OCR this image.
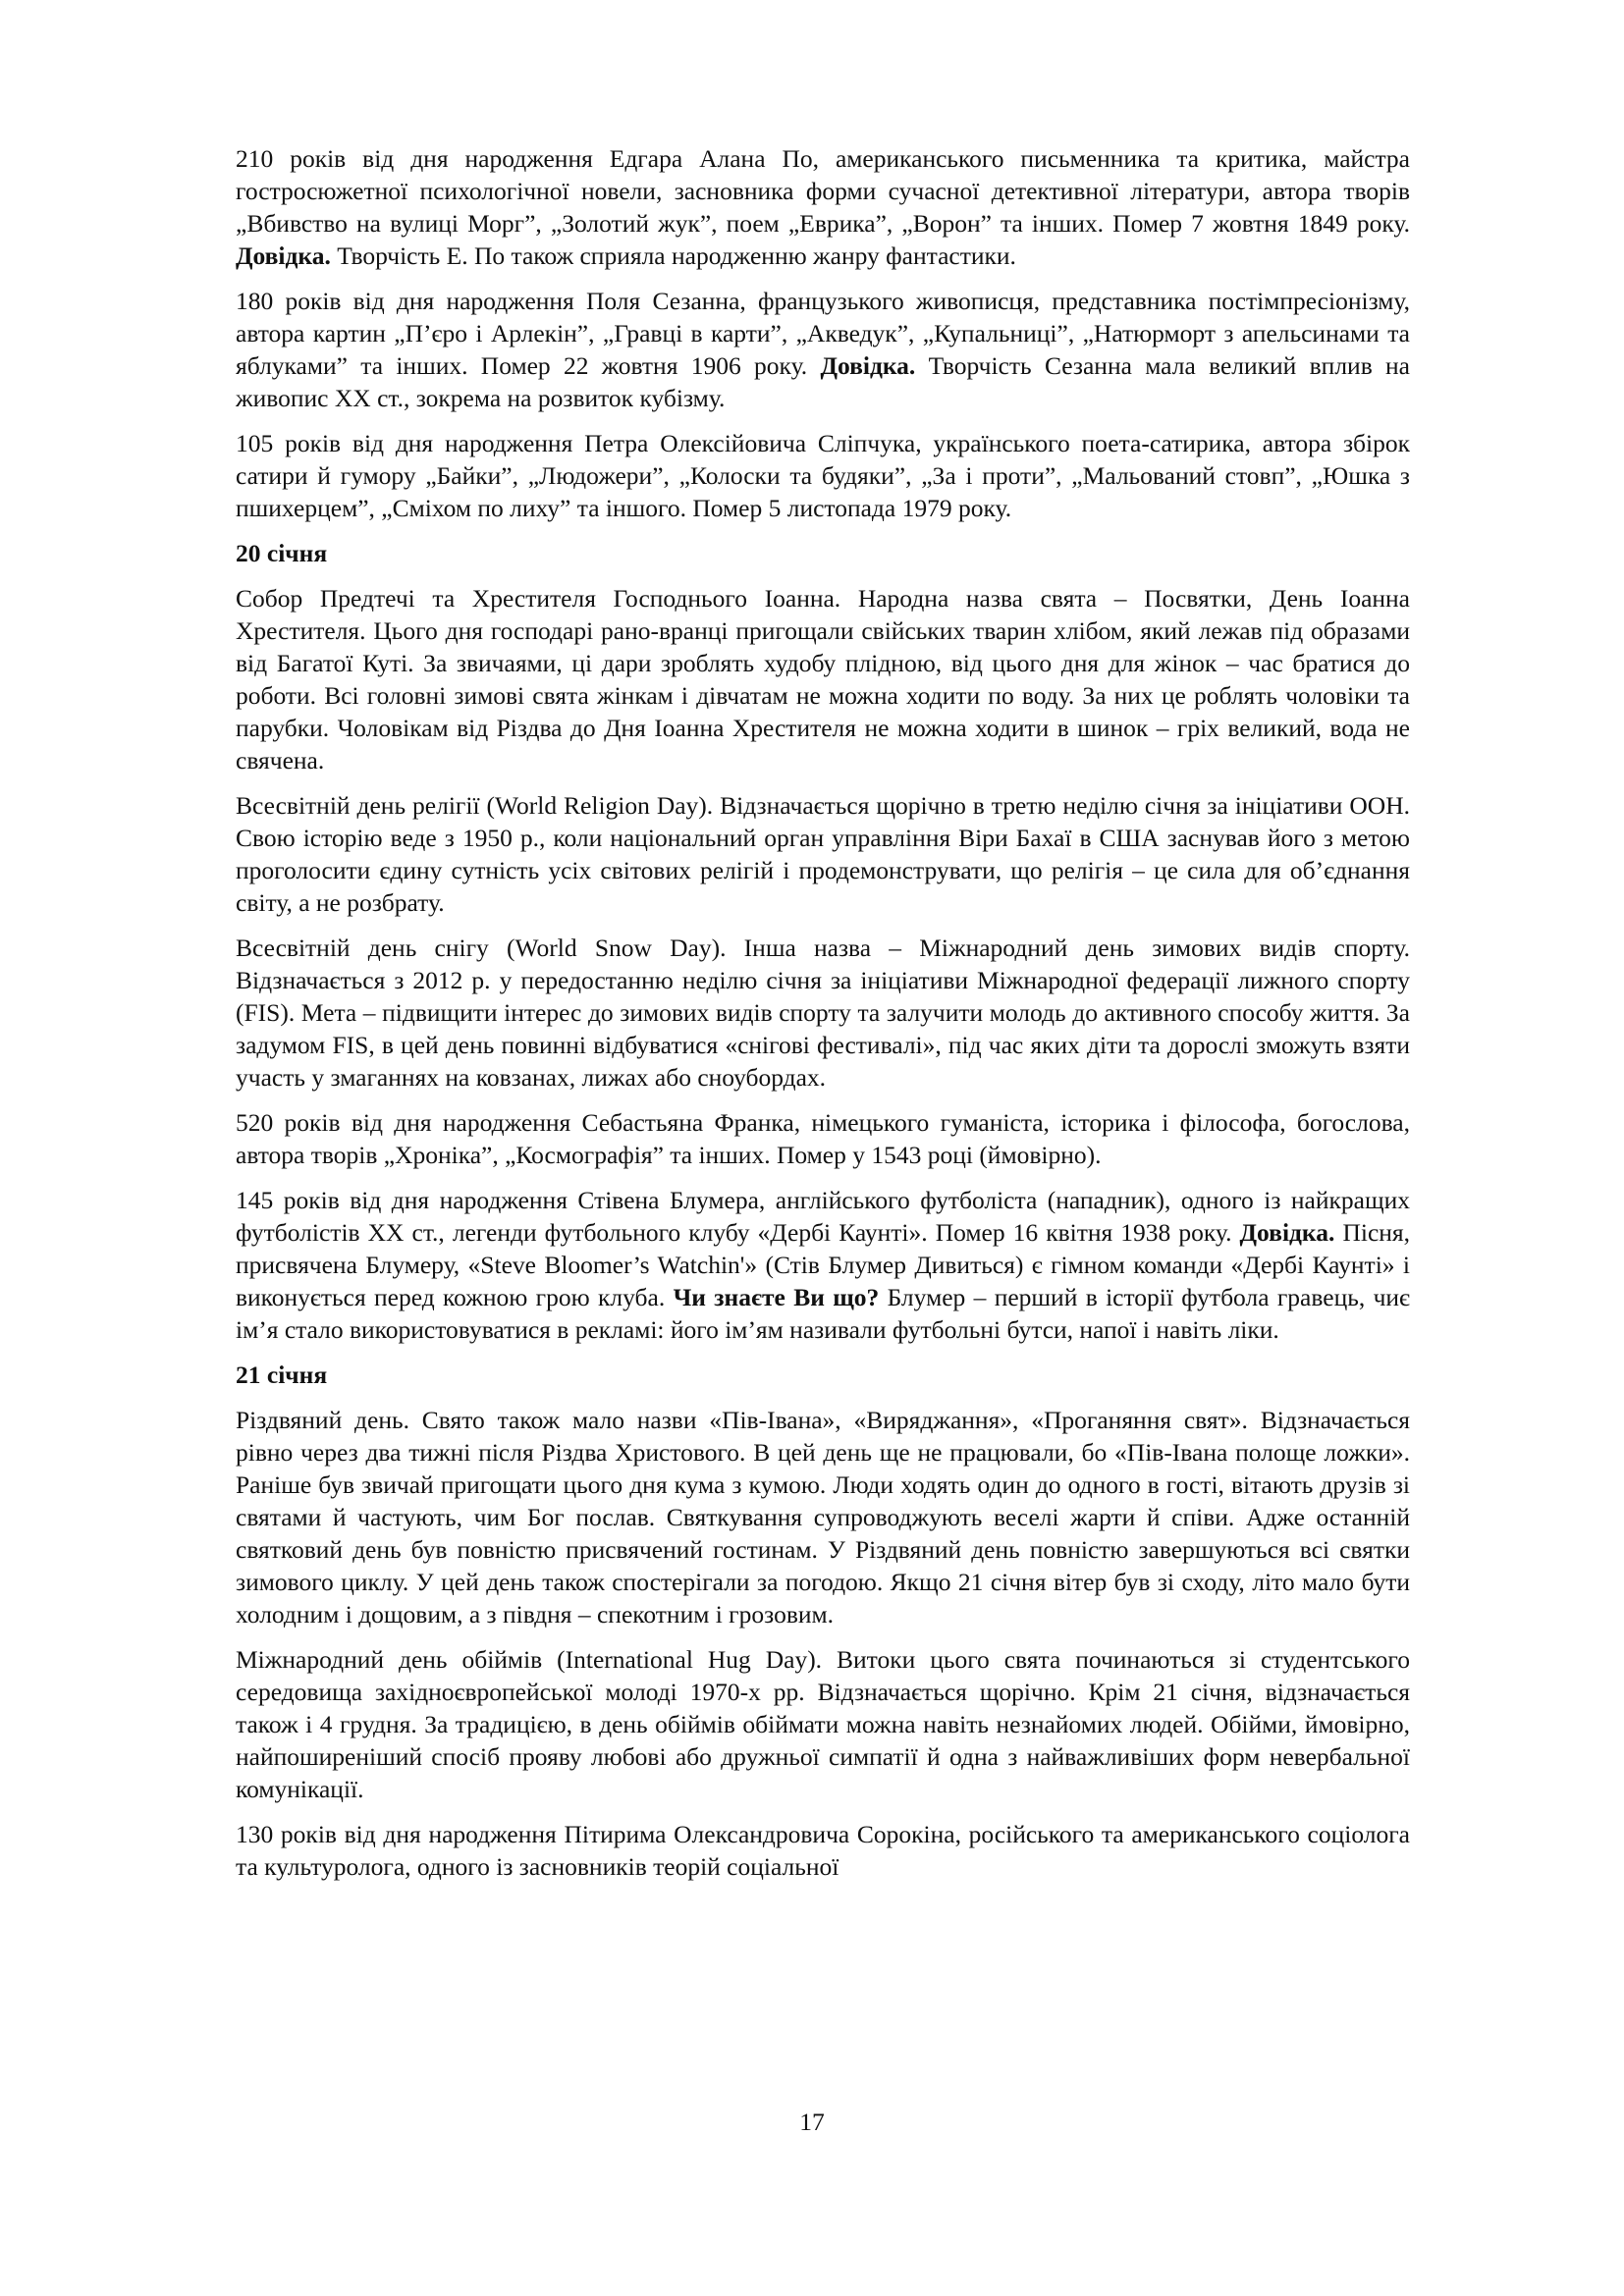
210 років від дня народження Едгара Алана По, американського письменника та критика, майстра гостросюжетної психологічної новели, засновника форми сучасної детективної літератури, автора творів „Вбивство на вулиці Морг”, „Золотий жук”, поем „Еврика”, „Ворон” та інших. Помер 7 жовтня 1849 року. Довідка. Творчість Е. По також сприяла народженню жанру фантастики.

180 років від дня народження Поля Сезанна, французького живописця, представника постімпресіонізму, автора картин „П’єро і Арлекін”, „Гравці в карти”, „Акведук”, „Купальниці”, „Натюрморт з апельсинами та яблуками” та інших. Помер 22 жовтня 1906 року. Довідка. Творчість Сезанна мала великий вплив на живопис ХХ ст., зокрема на розвиток кубізму.

105 років від дня народження Петра Олексійовича Сліпчука, українського поета-сатирика, автора збірок сатири й гумору „Байки”, „Людожери”, „Колоски та будяки”, „За і проти”, „Мальований стовп”, „Юшка з пшихерцем”, „Сміхом по лиху” та іншого. Помер 5 листопада 1979 року.

20 січня

Собор Предтечі та Хрестителя Господнього Іоанна. Народна назва свята – Посвятки, День Іоанна Хрестителя. Цього дня господарі рано-вранці пригощали свійських тварин хлібом, який лежав під образами від Багатої Куті. За звичаями, ці дари зроблять худобу плідною, від цього дня для жінок – час братися до роботи. Всі головні зимові свята жінкам і дівчатам не можна ходити по воду. За них це роблять чоловіки та парубки. Чоловікам від Різдва до Дня Іоанна Хрестителя не можна ходити в шинок – гріх великий, вода не свячена.

Всесвітній день релігії (World Religion Day). Відзначається щорічно в третю неділю січня за ініціативи ООН. Свою історію веде з 1950 р., коли національний орган управління Віри Бахаї в США заснував його з метою проголосити єдину сутність усіх світових релігій і продемонструвати, що релігія – це сила для об’єднання світу, а не розбрату.

Всесвітній день снігу (World Snow Day). Інша назва – Міжнародний день зимових видів спорту. Відзначається з 2012 р. у передостанню неділю січня за ініціативи Міжнародної федерації лижного спорту (FIS). Мета – підвищити інтерес до зимових видів спорту та залучити молодь до активного способу життя. За задумом FIS, в цей день повинні відбуватися «снігові фестивалі», під час яких діти та дорослі зможуть взяти участь у змаганнях на ковзанах, лижах або сноубордах.

520 років від дня народження Себастьяна Франка, німецького гуманіста, історика і філософа, богослова, автора творів „Хроніка”, „Космографія” та інших. Помер у 1543 році (ймовірно).

145 років від дня народження Стівена Блумера, англійського футболіста (нападник), одного із найкращих футболістів ХХ ст., легенди футбольного клубу «Дербі Каунті». Помер 16 квітня 1938 року. Довідка. Пісня, присвячена Блумеру, «Steve Bloomer’s Watchin'» (Стів Блумер Дивиться) є гімном команди «Дербі Каунті» і виконується перед кожною грою клуба. Чи знаєте Ви що? Блумер – перший в історії футбола гравець, чиє ім’я стало використовуватися в рекламі: його ім’ям називали футбольні бутси, напої і навіть ліки.

21 січня

Різдвяний день. Свято також мало назви «Пів-Івана», «Виряджання», «Проганяння свят». Відзначається рівно через два тижні після Різдва Христового. В цей день ще не працювали, бо «Пів-Івана полоще ложки». Раніше був звичай пригощати цього дня кума з кумою. Люди ходять один до одного в гості, вітають друзів зі святами й частують, чим Бог послав. Святкування супроводжують веселі жарти й співи. Адже останній святковий день був повністю присвячений гостинам. У Різдвяний день повністю завершуються всі святки зимового циклу. У цей день також спостерігали за погодою. Якщо 21 січня вітер був зі сходу, літо мало бути холодним і дощовим, а з півдня – спекотним і грозовим.

Міжнародний день обіймів (International Hug Day). Витоки цього свята починаються зі студентського середовища західноєвропейської молоді 1970-х рр. Відзначається щорічно. Крім 21 січня, відзначається також і 4 грудня. За традицією, в день обіймів обіймати можна навіть незнайомих людей. Обійми, ймовірно, найпоширеніший спосіб прояву любові або дружньої симпатії й одна з найважливіших форм невербальної комунікації.

130 років від дня народження Пітирима Олександровича Сорокіна, російського та американського соціолога та культуролога, одного із засновників теорій соціальної

17
